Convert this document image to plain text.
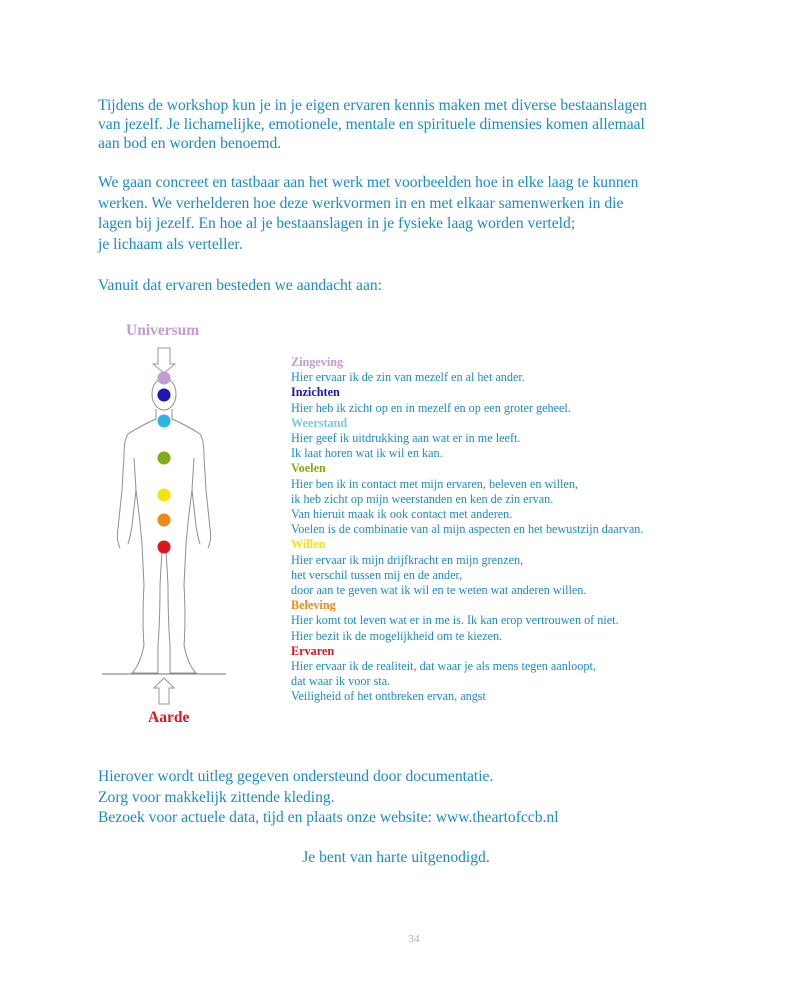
Tijdens de workshop kun je in je eigen ervaren kennis maken met diverse bestaanslagen
van jezelf. Je lichamelijke, emotionele, mentale en spirituele dimensies komen allemaal
aan bod en worden benoemd.
We gaan concreet en tastbaar aan het werk met voorbeelden hoe in elke laag te kunnen
werken. We verhelderen hoe deze werkvormen in en met elkaar samenwerken in die
lagen bij jezelf. En hoe al je bestaanslagen in je fysieke laag worden verteld;
je lichaam als verteller.
Vanuit dat ervaren besteden we aandacht aan:
Universum
Aarde
Zingeving
Hier ervaar ik de zin van mezelf en al het ander.
Inzichten
Hier heb ik zicht op en in mezelf en op een groter geheel.
Weerstand
Hier geef ik uitdrukking aan wat er in me leeft.
Ik laat horen wat ik wil en kan.
Voelen
Hier ben ik in contact met mijn ervaren, beleven en willen,
ik heb zicht op mijn weerstanden en ken de zin ervan.
Van hieruit maak ik ook contact met anderen.
Voelen is de combinatie van al mijn aspecten en het bewustzijn daarvan.
Willen
Hier ervaar ik mijn drijfkracht en mijn grenzen,
het verschil tussen mij en de ander,
door aan te geven wat ik wil en te weten wat anderen willen.
Beleving
Hier komt tot leven wat er in me is. Ik kan erop vertrouwen of niet.
Hier bezit ik de mogelijkheid om te kiezen.
Ervaren
Hier ervaar ik de realiteit, dat waar je als mens tegen aanloopt,
dat waar ik voor sta.
Veiligheid of het ontbreken ervan, angst
Hierover wordt uitleg gegeven ondersteund door documentatie.
Zorg voor makkelijk zittende kleding.
Bezoek voor actuele data, tijd en plaats onze website: www.theartofccb.nl
Je bent van harte uitgenodigd.
34
